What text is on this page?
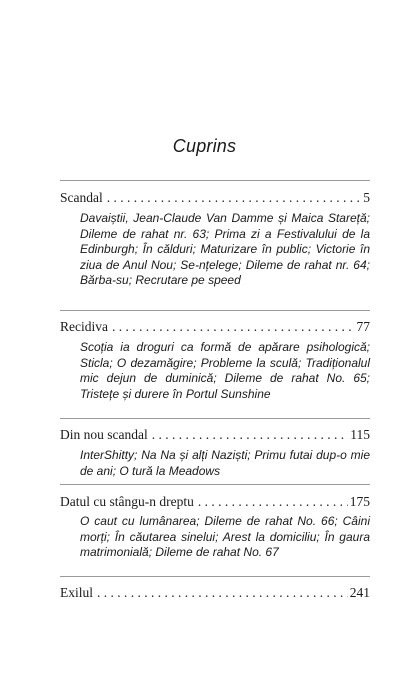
Cuprins
Scandal . . .	5
Davaiștii, Jean-Claude Van Damme și Maica Stareță; Dileme de rahat nr. 63; Prima zi a Festivalului de la Edinburgh; În călduri; Maturizare în public; Victorie în ziua de Anul Nou; Se-nțelege; Dileme de rahat nr. 64; Bărba-su; Recrutare pe speed
Recidiva . . .	77
Scoția ia droguri ca formă de apărare psihologică; Sticla; O dezamăgire; Probleme la sculă; Tradiționalul mic dejun de duminică; Dileme de rahat No. 65; Tristețe și durere în Portul Sunshine
Din nou scandal . . .	115
InterShitty; Na Na și alți Naziști; Primu futai dup-o mie de ani; O tură la Meadows
Datul cu stângu-n dreptu . . .	175
O caut cu lumânarea; Dileme de rahat No. 66; Câini morți; În căutarea sinelui; Arest la domiciliu; În gaura matrimonială; Dileme de rahat No. 67
Exilul . . .	241
